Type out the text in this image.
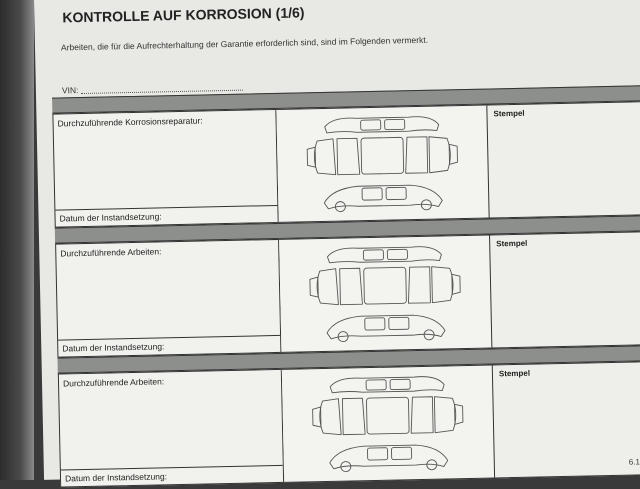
KONTROLLE AUF KORROSION (1/6)
Arbeiten, die für die Aufrechterhaltung der Garantie erforderlich sind, sind im Folgenden vermerkt.
VIN:
Durchzuführende Korrosionsreparatur:
Datum der Instandsetzung:
Stempel
Durchzuführende Arbeiten:
Datum der Instandsetzung:
Stempel
Durchzuführende Arbeiten:
Datum der Instandsetzung:
Stempel
6.1
